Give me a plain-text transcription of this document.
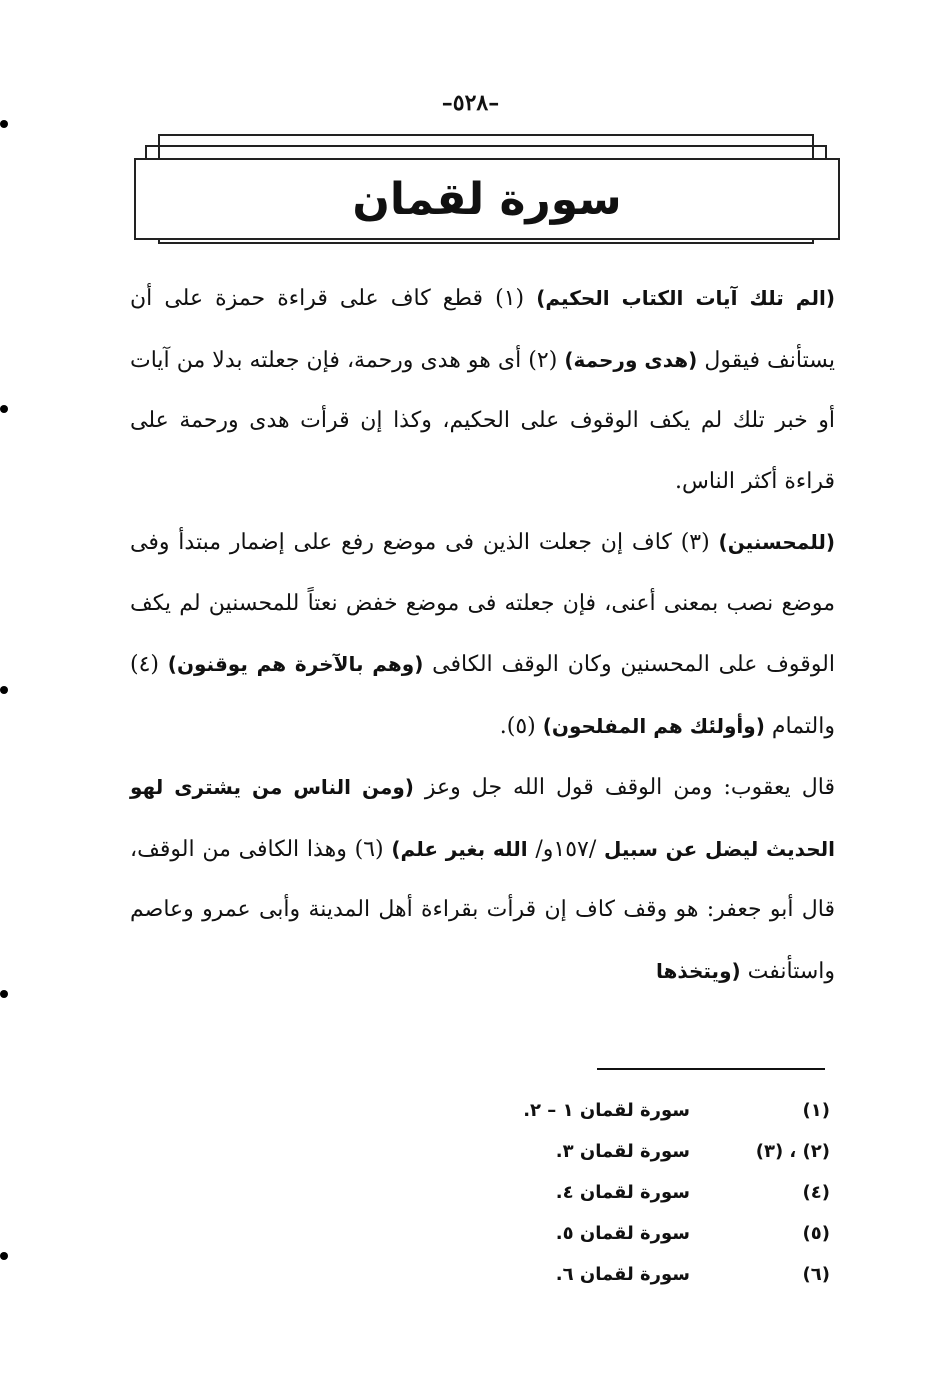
–٥٢٨–
سورة لقمان

(الم تلك آيات الكتاب الحكيم) (١) قطع كاف على قراءة حمزة على أن يستأنف فيقول (هدى ورحمة) (٢) أى هو هدى ورحمة، فإن جعلته بدلا من آيات أو خبر تلك لم يكف الوقوف على الحكيم، وكذا إن قرأت هدى ورحمة على قراءة أكثر الناس.

(للمحسنين) (٣) كاف إن جعلت الذين فى موضع رفع على إضمار مبتدأ وفى موضع نصب بمعنى أعنى، فإن جعلته فى موضع خفض نعتاً للمحسنين لم يكف الوقوف على المحسنين وكان الوقف الكافى (وهم بالآخرة هم يوقنون) (٤) والتمام (وأولئك هم المفلحون) (٥).

قال يعقوب: ومن الوقف قول الله جل وعز (ومن الناس من يشترى لهو الحديث ليضل عن سبيل /١٥٧و/ الله بغير علم) (٦) وهذا الكافى من الوقف، قال أبو جعفر: هو وقف كاف إن قرأت بقراءة أهل المدينة وأبى عمرو وعاصم واستأنفت (ويتخذها

(١)
سورة لقمان ١ – ٢.
(٢) ، (٣)
سورة لقمان ٣.
(٤)
سورة لقمان ٤.
(٥)
سورة لقمان ٥.
(٦)
سورة لقمان ٦.
